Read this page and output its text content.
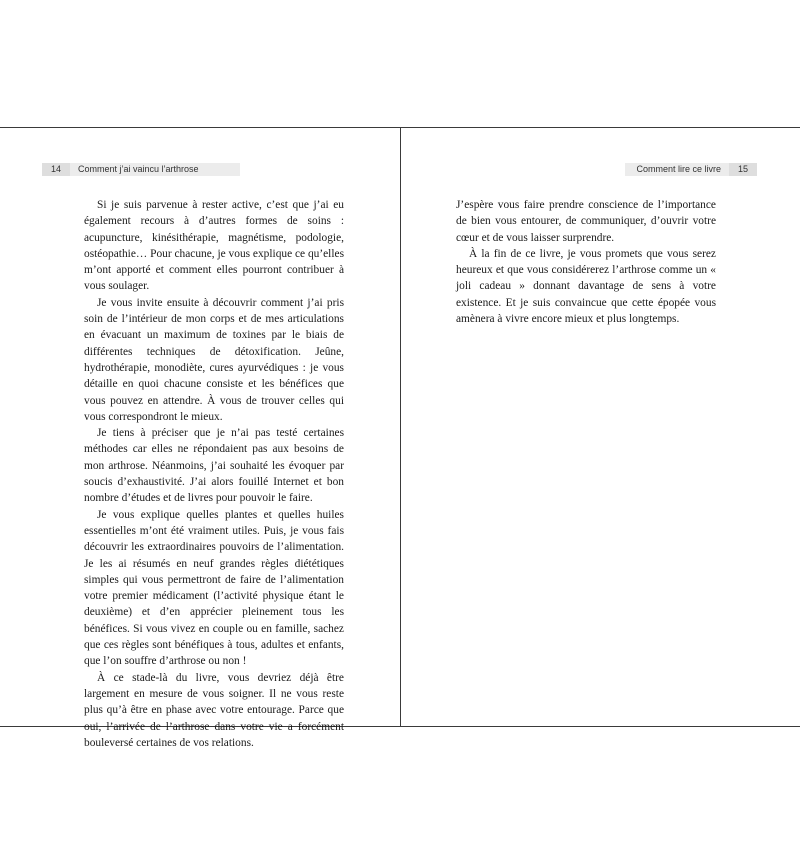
14	Comment j’ai vaincu l’arthrose

Si je suis parvenue à rester active, c’est que j’ai eu également recours à d’autres formes de soins : acupuncture, kinésithérapie, magnétisme, podologie, ostéopathie… Pour chacune, je vous explique ce qu’elles m’ont apporté et comment elles pourront contribuer à vous soulager.

Je vous invite ensuite à découvrir comment j’ai pris soin de l’intérieur de mon corps et de mes articulations en évacuant un maximum de toxines par le biais de différentes techniques de détoxification. Jeûne, hydrothérapie, monodiète, cures ayurvédiques : je vous détaille en quoi chacune consiste et les bénéfices que vous pouvez en attendre. À vous de trouver celles qui vous correspondront le mieux.

Je tiens à préciser que je n’ai pas testé certaines méthodes car elles ne répondaient pas aux besoins de mon arthrose. Néanmoins, j’ai souhaité les évoquer par soucis d’exhaustivité. J’ai alors fouillé Internet et bon nombre d’études et de livres pour pouvoir le faire.

Je vous explique quelles plantes et quelles huiles essentielles m’ont été vraiment utiles. Puis, je vous fais découvrir les extraordinaires pouvoirs de l’alimentation. Je les ai résumés en neuf grandes règles diététiques simples qui vous permettront de faire de l’alimentation votre premier médicament (l’activité physique étant le deuxième) et d’en apprécier pleinement tous les bénéfices. Si vous vivez en couple ou en famille, sachez que ces règles sont bénéfiques à tous, adultes et enfants, que l’on souffre d’arthrose ou non !

À ce stade-là du livre, vous devriez déjà être largement en mesure de vous soigner. Il ne vous reste plus qu’à être en phase avec votre entourage. Parce que oui, l’arrivée de l’arthrose dans votre vie a forcément bouleversé certaines de vos relations.

Comment lire ce livre	15

J’espère vous faire prendre conscience de l’importance de bien vous entourer, de communiquer, d’ouvrir votre cœur et de vous laisser surprendre.

À la fin de ce livre, je vous promets que vous serez heureux et que vous considérerez l’arthrose comme un « joli cadeau » donnant davantage de sens à votre existence. Et je suis convaincue que cette épopée vous amènera à vivre encore mieux et plus longtemps.
